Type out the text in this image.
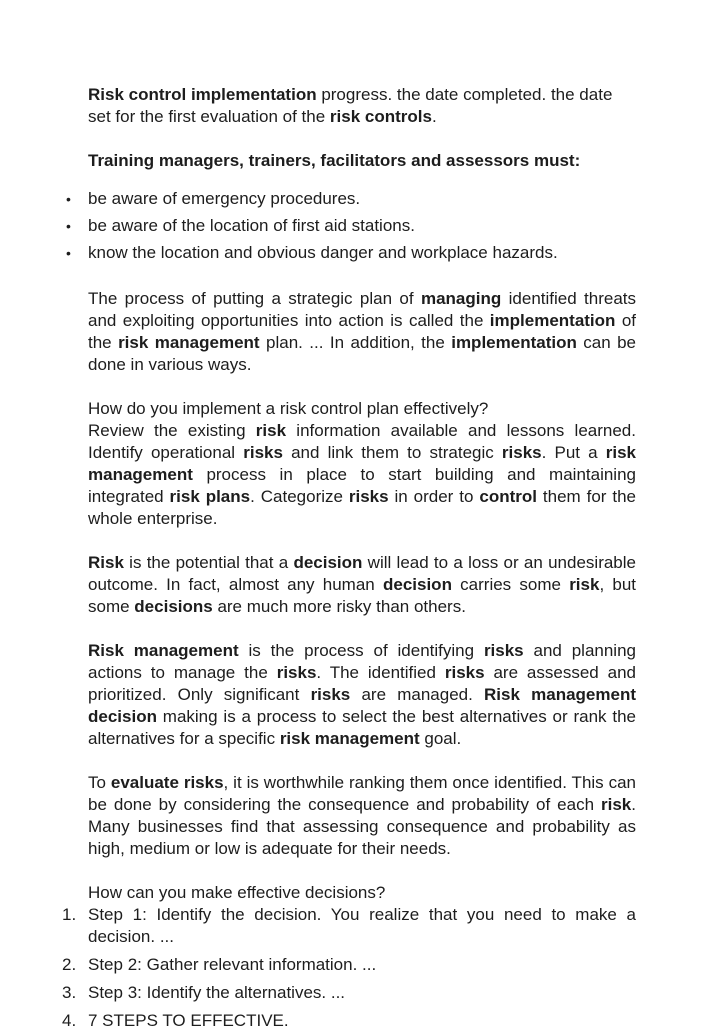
Risk control implementation progress. the date completed. the date set for the first evaluation of the risk controls.

Training managers, trainers, facilitators and assessors must:
• be aware of emergency procedures.
• be aware of the location of first aid stations.
• know the location and obvious danger and workplace hazards.

The process of putting a strategic plan of managing identified threats and exploiting opportunities into action is called the implementation of the risk management plan. ... In addition, the implementation can be done in various ways.

How do you implement a risk control plan effectively?

Review the existing risk information available and lessons learned. Identify operational risks and link them to strategic risks. Put a risk management process in place to start building and maintaining integrated risk plans. Categorize risks in order to control them for the whole enterprise.

Risk is the potential that a decision will lead to a loss or an undesirable outcome. In fact, almost any human decision carries some risk, but some decisions are much more risky than others.

Risk management is the process of identifying risks and planning actions to manage the risks. The identified risks are assessed and prioritized. Only significant risks are managed. Risk management decision making is a process to select the best alternatives or rank the alternatives for a specific risk management goal.

To evaluate risks, it is worthwhile ranking them once identified. This can be done by considering the consequence and probability of each risk. Many businesses find that assessing consequence and probability as high, medium or low is adequate for their needs.

How can you make effective decisions?

1. Step 1: Identify the decision. You realize that you need to make a decision. ...
2. Step 2: Gather relevant information. ...
3. Step 3: Identify the alternatives. ...
4. 7 STEPS TO EFFECTIVE.
